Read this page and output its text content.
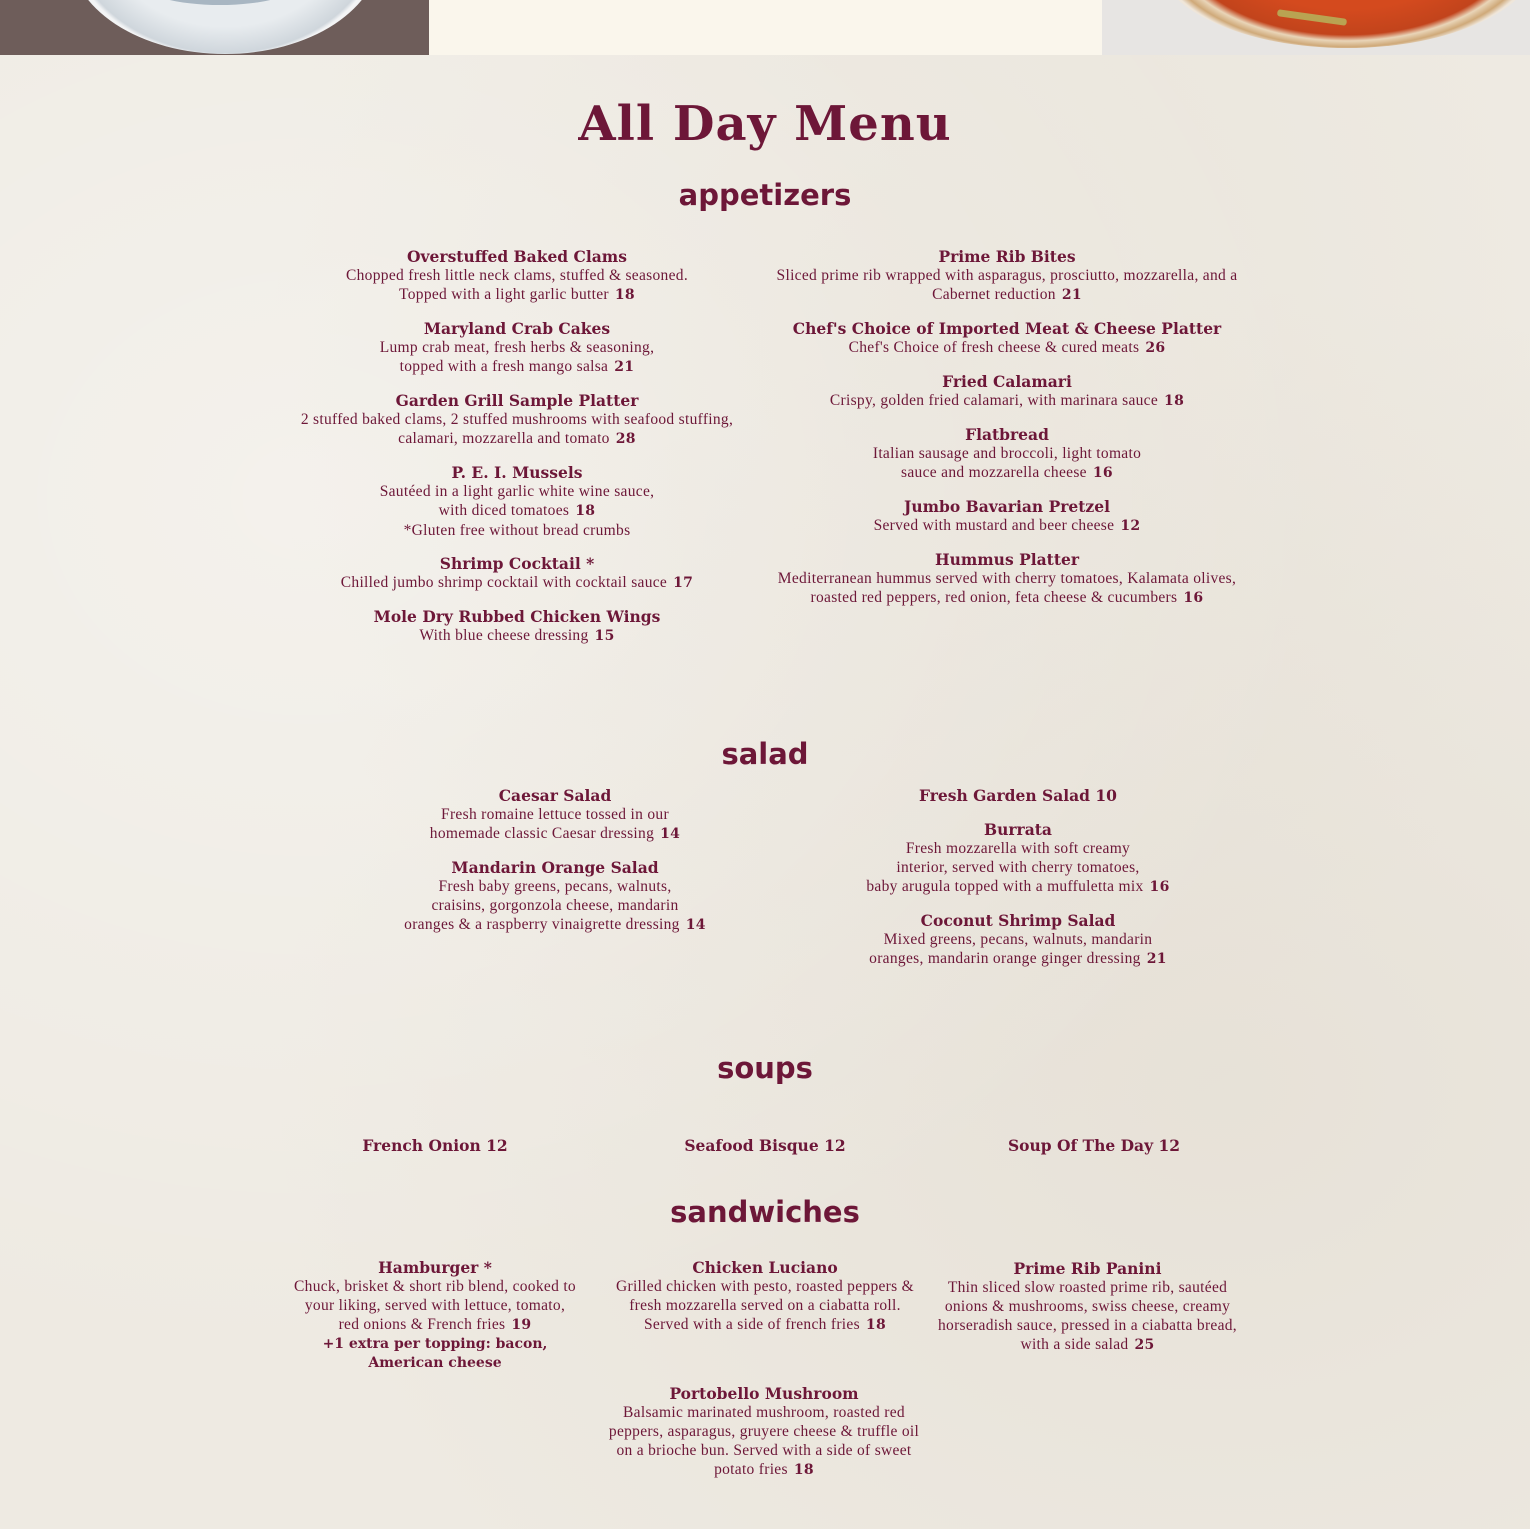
All Day Menu
appetizers
Overstuffed Baked Clams
Chopped fresh little neck clams, stuffed & seasoned.
Topped with a light garlic butter 18
Maryland Crab Cakes
Lump crab meat, fresh herbs & seasoning,
topped with a fresh mango salsa 21
Garden Grill Sample Platter
2 stuffed baked clams, 2 stuffed mushrooms with seafood stuffing,
calamari, mozzarella and tomato 28
P. E. I. Mussels
Sautéed in a light garlic white wine sauce,
with diced tomatoes 18
*Gluten free without bread crumbs
Shrimp Cocktail *
Chilled jumbo shrimp cocktail with cocktail sauce 17
Mole Dry Rubbed Chicken Wings
With blue cheese dressing 15
Prime Rib Bites
Sliced prime rib wrapped with asparagus, prosciutto, mozzarella, and a
Cabernet reduction 21
Chef's Choice of Imported Meat & Cheese Platter
Chef's Choice of fresh cheese & cured meats 26
Fried Calamari
Crispy, golden fried calamari, with marinara sauce 18
Flatbread
Italian sausage and broccoli, light tomato
sauce and mozzarella cheese 16
Jumbo Bavarian Pretzel
Served with mustard and beer cheese 12
Hummus Platter
Mediterranean hummus served with cherry tomatoes, Kalamata olives,
roasted red peppers, red onion, feta cheese & cucumbers 16
salad
Caesar Salad
Fresh romaine lettuce tossed in our
homemade classic Caesar dressing 14
Mandarin Orange Salad
Fresh baby greens, pecans, walnuts,
craisins, gorgonzola cheese, mandarin
oranges & a raspberry vinaigrette dressing 14
Fresh Garden Salad 10
Burrata
Fresh mozzarella with soft creamy
interior, served with cherry tomatoes,
baby arugula topped with a muffuletta mix 16
Coconut Shrimp Salad
Mixed greens, pecans, walnuts, mandarin
oranges, mandarin orange ginger dressing 21
soups
French Onion 12	Seafood Bisque 12	Soup Of The Day 12
sandwiches
Hamburger *
Chuck, brisket & short rib blend, cooked to
your liking, served with lettuce, tomato,
red onions & French fries 19
+1 extra per topping: bacon,
American cheese
Chicken Luciano
Grilled chicken with pesto, roasted peppers &
fresh mozzarella served on a ciabatta roll.
Served with a side of french fries 18
Prime Rib Panini
Thin sliced slow roasted prime rib, sautéed
onions & mushrooms, swiss cheese, creamy
horseradish sauce, pressed in a ciabatta bread,
with a side salad 25
Portobello Mushroom
Balsamic marinated mushroom, roasted red
peppers, asparagus, gruyere cheese & truffle oil
on a brioche bun. Served with a side of sweet
potato fries 18
